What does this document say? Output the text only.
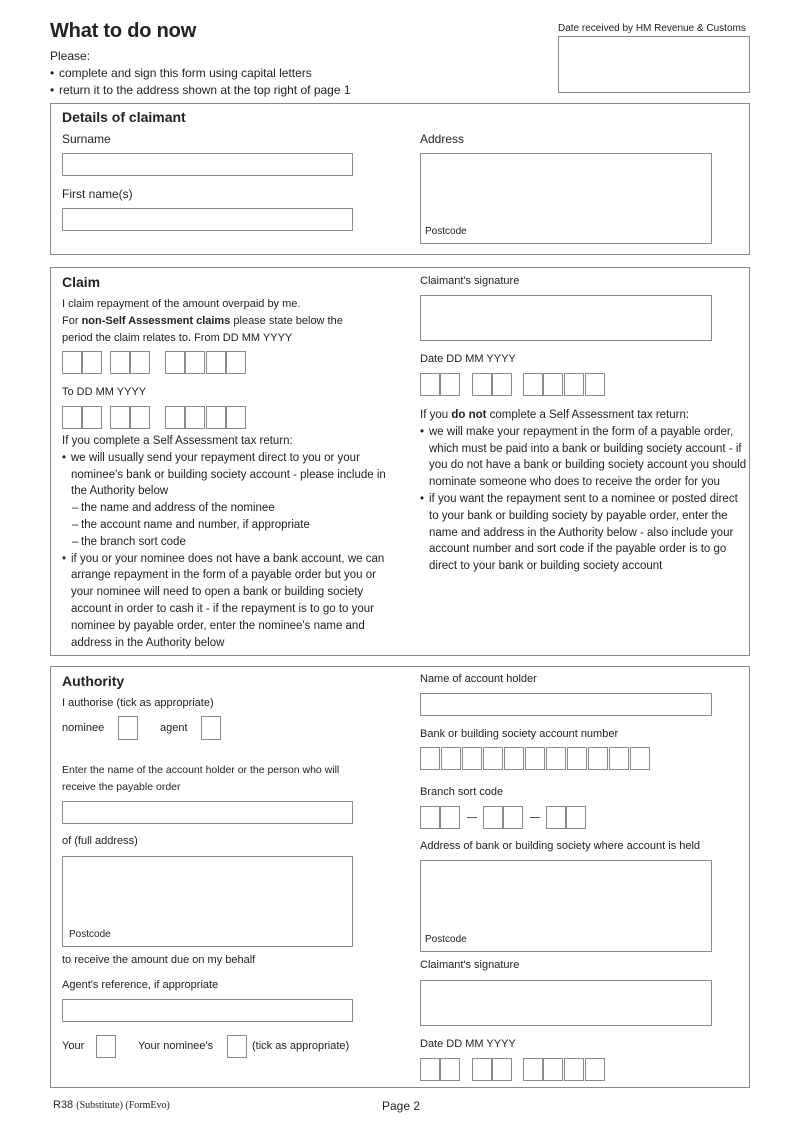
What to do now
Please:
• complete and sign this form using capital letters
• return it to the address shown at the top right of page 1
Date received by HM Revenue & Customs
Details of claimant
Surname
First name(s)
Address
Postcode
Claim
I claim repayment of the amount overpaid by me.
For non-Self Assessment claims please state below the period the claim relates to. From DD MM YYYY
To DD MM YYYY
If you complete a Self Assessment tax return:
• we will usually send your repayment direct to you or your nominee's bank or building society account - please include in the Authority below
– the name and address of the nominee
– the account name and number, if appropriate
– the branch sort code
• if you or your nominee does not have a bank account, we can arrange repayment in the form of a payable order but you or your nominee will need to open a bank or building society account in order to cash it - if the repayment is to go to your nominee by payable order, enter the nominee's name and address in the Authority below
Claimant's signature
Date DD MM YYYY
If you do not complete a Self Assessment tax return:
• we will make your repayment in the form of a payable order, which must be paid into a bank or building society account - if you do not have a bank or building society account you should nominate someone who does to receive the order for you
• if you want the repayment sent to a nominee or posted direct to your bank or building society by payable order, enter the name and address in the Authority below - also include your account number and sort code if the payable order is to go direct to your bank or building society account
Authority
I authorise (tick as appropriate)
nominee	agent
Enter the name of the account holder or the person who will receive the payable order
of (full address)
Postcode
to receive the amount due on my behalf
Agent's reference, if appropriate
Your	Your nominee's	(tick as appropriate)
Name of account holder
Bank or building society account number
Branch sort code
Address of bank or building society where account is held
Postcode
Claimant's signature
Date DD MM YYYY
R38 (Substitute) (FormEvo)	Page 2
